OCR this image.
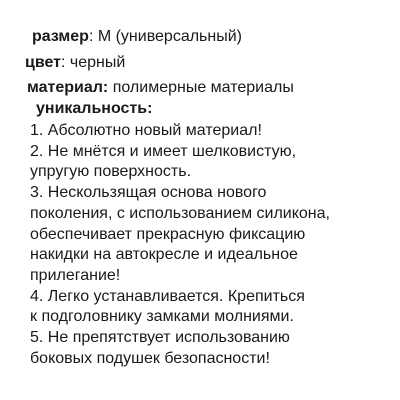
размер: М (универсальный)
цвет: черный
материал: полимерные материалы
уникальность:
1. Абсолютно новый материал!
2. Не мнётся и имеет шелковистую,
упругую поверхность.
3. Нескользящая основа нового
поколения, с использованием силикона,
обеспечивает прекрасную фиксацию
накидки на автокресле и идеальное
прилегание!
4. Легко устанавливается. Крепиться
к подголовнику замками молниями.
5. Не препятствует использованию
боковых подушек безопасности!
